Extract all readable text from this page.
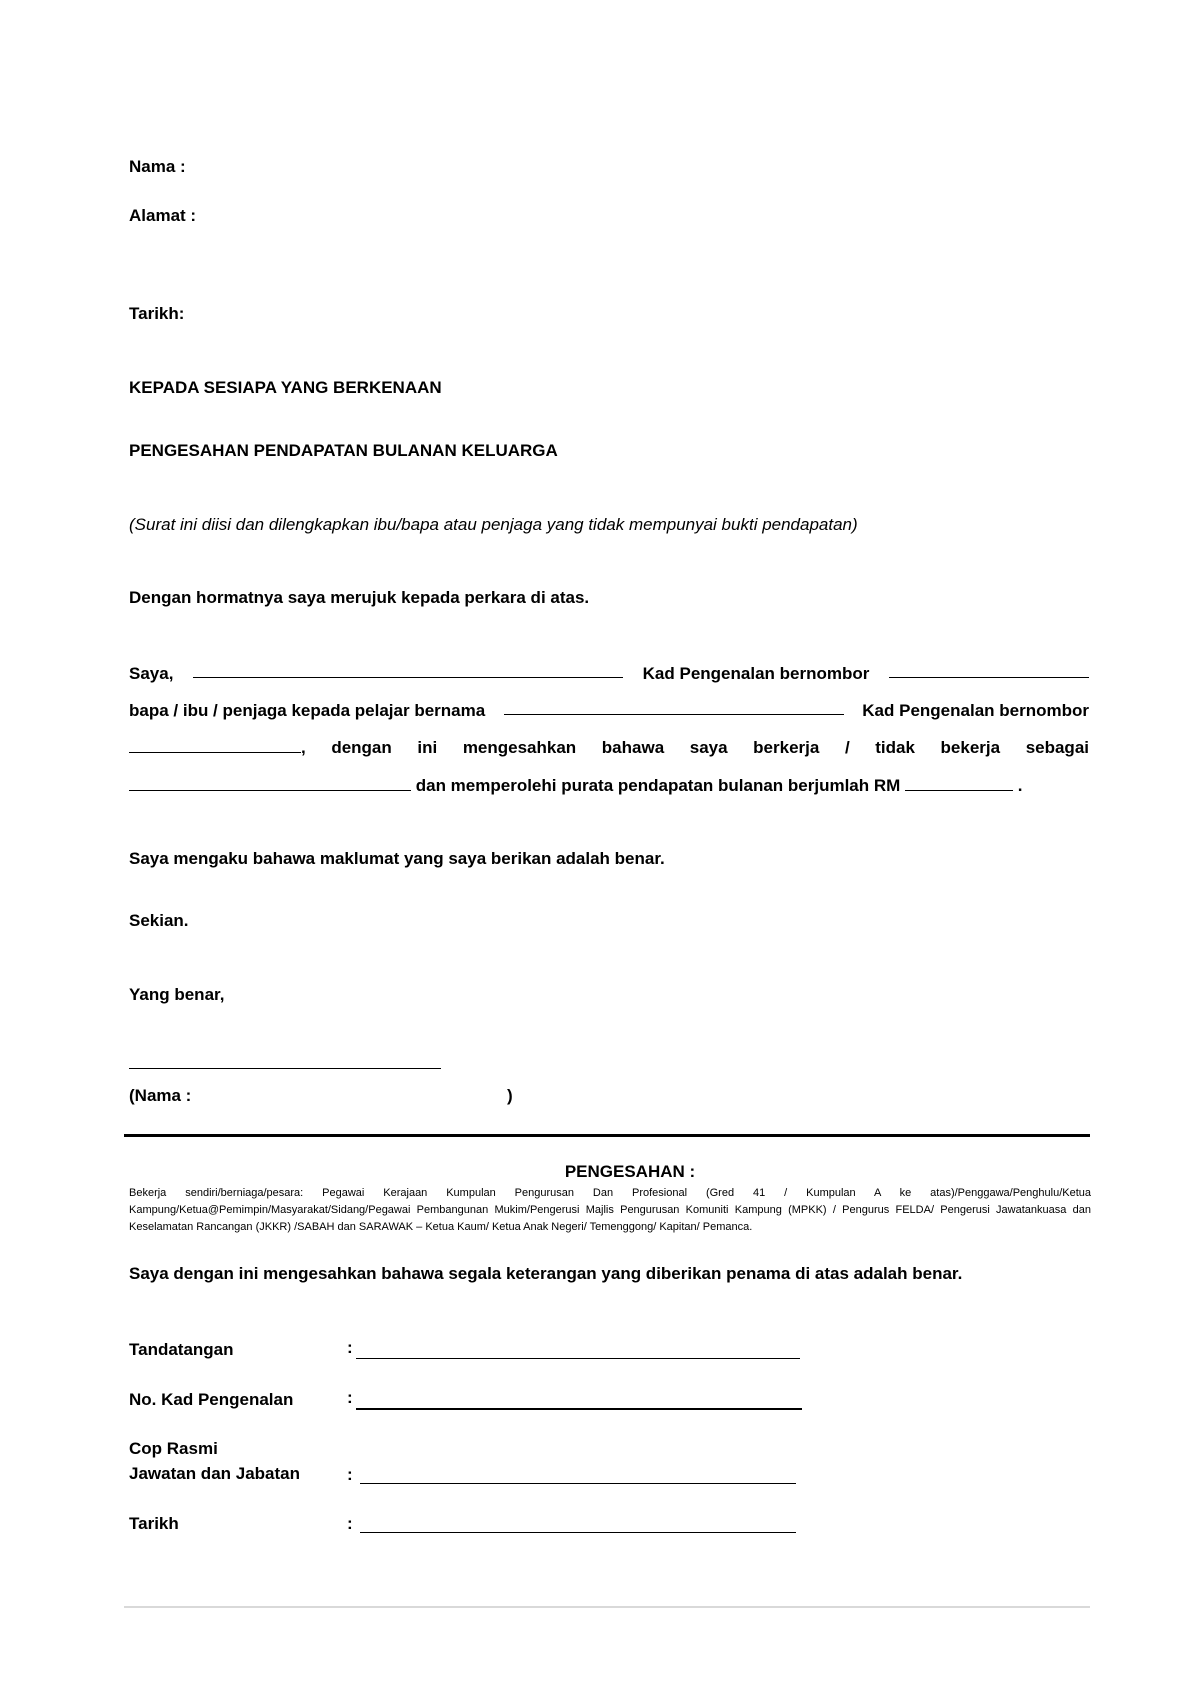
Nama :
Alamat :
Tarikh:
KEPADA SESIAPA YANG BERKENAAN
PENGESAHAN PENDAPATAN BULANAN KELUARGA
(Surat ini diisi dan dilengkapkan ibu/bapa atau penjaga yang tidak mempunyai bukti pendapatan)
Dengan hormatnya saya merujuk kepada perkara di atas.
Saya,	Kad Pengenalan bernombor
bapa / ibu / penjaga kepada pelajar bernama	Kad Pengenalan bernombor
, dengan ini mengesahkan bahawa saya berkerja / tidak bekerja sebagai
dan memperolehi purata pendapatan bulanan berjumlah RM	.
Saya mengaku bahawa maklumat yang saya berikan adalah benar.
Sekian.
Yang benar,
(Nama :	)
PENGESAHAN :
Bekerja sendiri/berniaga/pesara: Pegawai Kerajaan Kumpulan Pengurusan Dan Profesional (Gred 41 / Kumpulan A ke atas)/Penggawa/Penghulu/Ketua Kampung/Ketua@Pemimpin/Masyarakat/Sidang/Pegawai Pembangunan Mukim/Pengerusi Majlis Pengurusan Komuniti Kampung (MPKK) / Pengurus FELDA/ Pengerusi Jawatankuasa dan Keselamatan Rancangan (JKKR) /SABAH dan SARAWAK – Ketua Kaum/ Ketua Anak Negeri/ Temenggong/ Kapitan/ Pemanca.
Saya dengan ini mengesahkan bahawa segala keterangan yang diberikan penama di atas adalah benar.
Tandatangan	:
No. Kad Pengenalan	:
Cop Rasmi
Jawatan dan Jabatan	:
Tarikh	:
